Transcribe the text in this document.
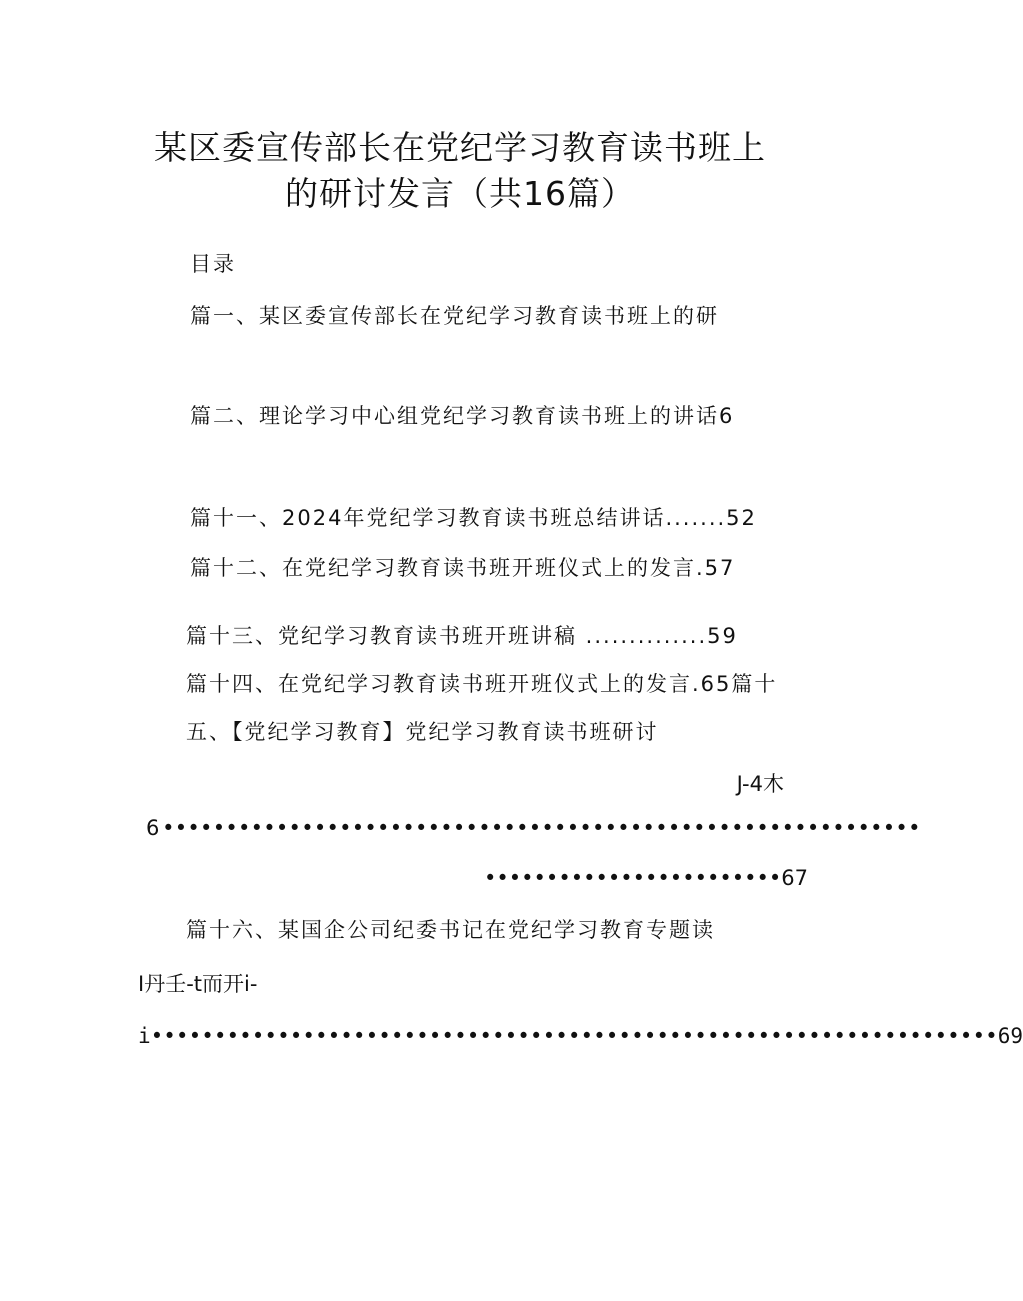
某区委宣传部长在党纪学习教育读书班上
的研讨发言（共16篇）
目录
篇一、某区委宣传部长在党纪学习教育读书班上的研
篇二、理论学习中心组党纪学习教育读书班上的讲话6
篇十一、2024年党纪学习教育读书班总结讲话.......52
篇十二、在党纪学习教育读书班开班仪式上的发言.57
篇十三、党纪学习教育读书班开班讲稿 ..............59
篇十四、在党纪学习教育读书班开班仪式上的发言.65篇十
五、【党纪学习教育】党纪学习教育读书班研讨
J-4木
6 ••••••••••••••••••••••••••••••••••••••••••••••••••••••••••••
••••••••••••••••••••••••67
篇十六、某国企公司纪委书记在党纪学习教育专题读
I丹壬-t而开i-
i•••••••••••••••••••••••••••••••••••••••••••••••••••••••••••••••••••69
